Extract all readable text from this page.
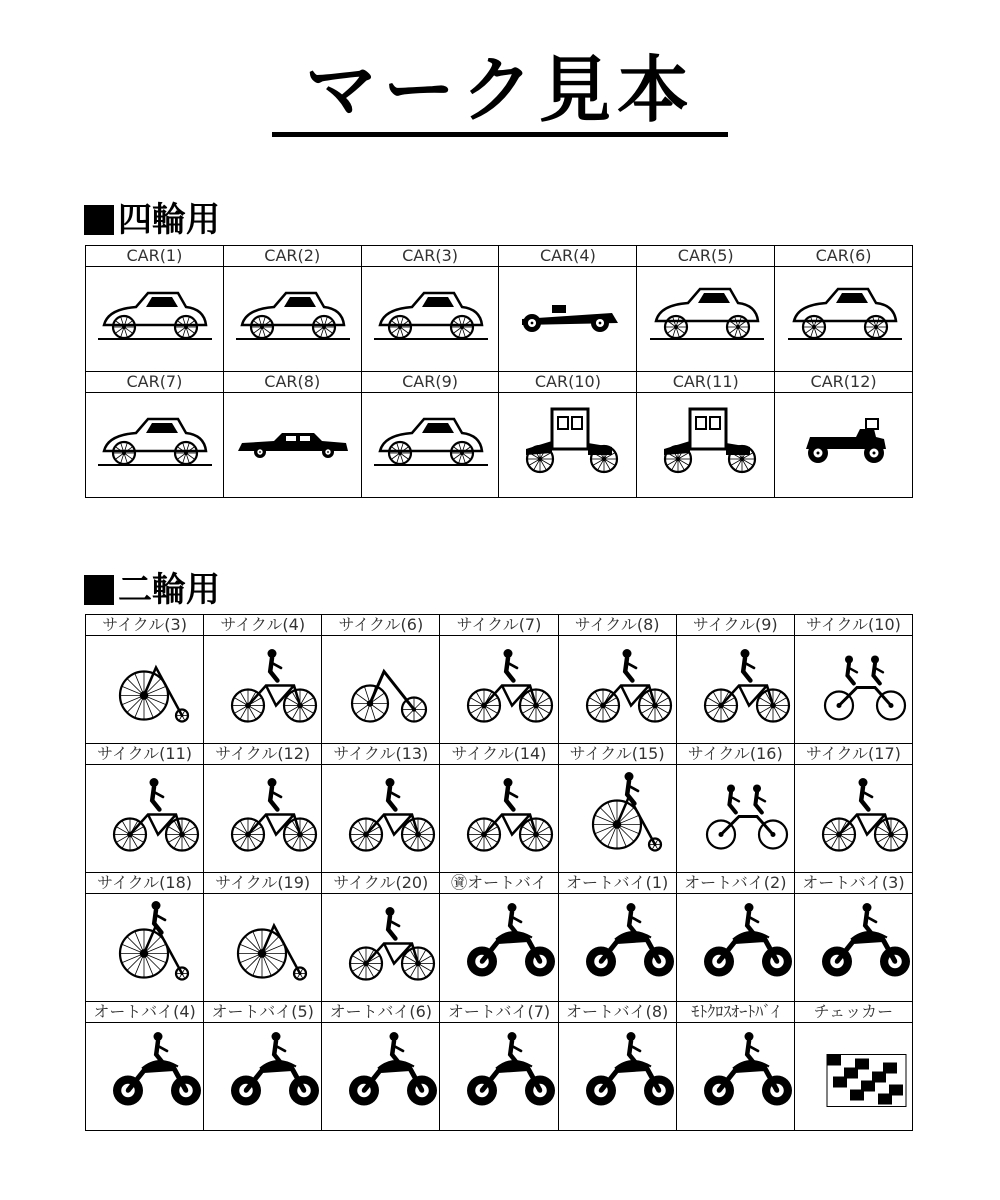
マーク見本
四輪用
CAR(1)	CAR(2)	CAR(3)	CAR(4)	CAR(5)	CAR(6)

CAR(7)	CAR(8)	CAR(9)	CAR(10)	CAR(11)	CAR(12)

二輪用
サイクル(3)	サイクル(4)	サイクル(6)	サイクル(7)	サイクル(8)	サイクル(9)	サイクル(10)

サイクル(11)	サイクル(12)	サイクル(13)	サイクル(14)	サイクル(15)	サイクル(16)	サイクル(17)

サイクル(18)	サイクル(19)	サイクル(20)	㊮オートバイ	オートバイ(1)	オートバイ(2)	オートバイ(3)

オートバイ(4)	オートバイ(5)	オートバイ(6)	オートバイ(7)	オートバイ(8)	ﾓﾄｸﾛｽｵｰﾄﾊﾞｲ	チェッカー
